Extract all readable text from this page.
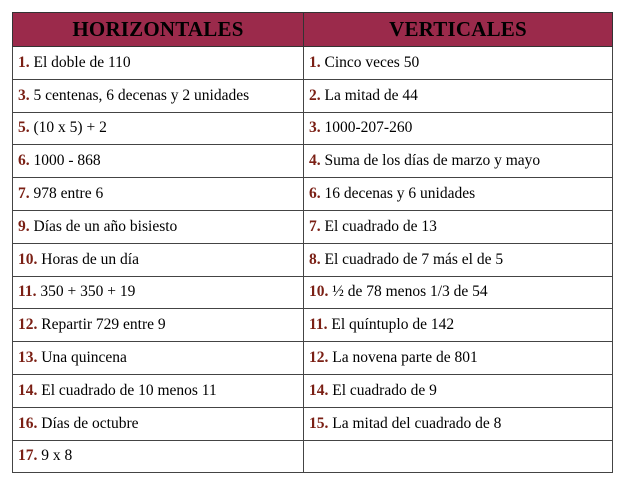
HORIZONTALES	VERTICALES
1. El doble de 110	1. Cinco veces 50
3. 5 centenas, 6 decenas y 2 unidades	2. La mitad de 44
5. (10 x 5) + 2	3. 1000-207-260
6. 1000 - 868	4. Suma de los días de marzo y mayo
7. 978 entre 6	6. 16 decenas y 6 unidades
9. Días de un año bisiesto	7. El cuadrado de 13
10. Horas de un día	8. El cuadrado de 7 más el de 5
11. 350 + 350 + 19	10. ½ de 78 menos 1/3 de 54
12. Repartir 729 entre 9	11. El quíntuplo de 142
13. Una quincena	12. La novena parte de 801
14. El cuadrado de 10 menos 11	14. El cuadrado de 9
16. Días de octubre	15. La mitad del cuadrado de 8
17. 9 x 8	
